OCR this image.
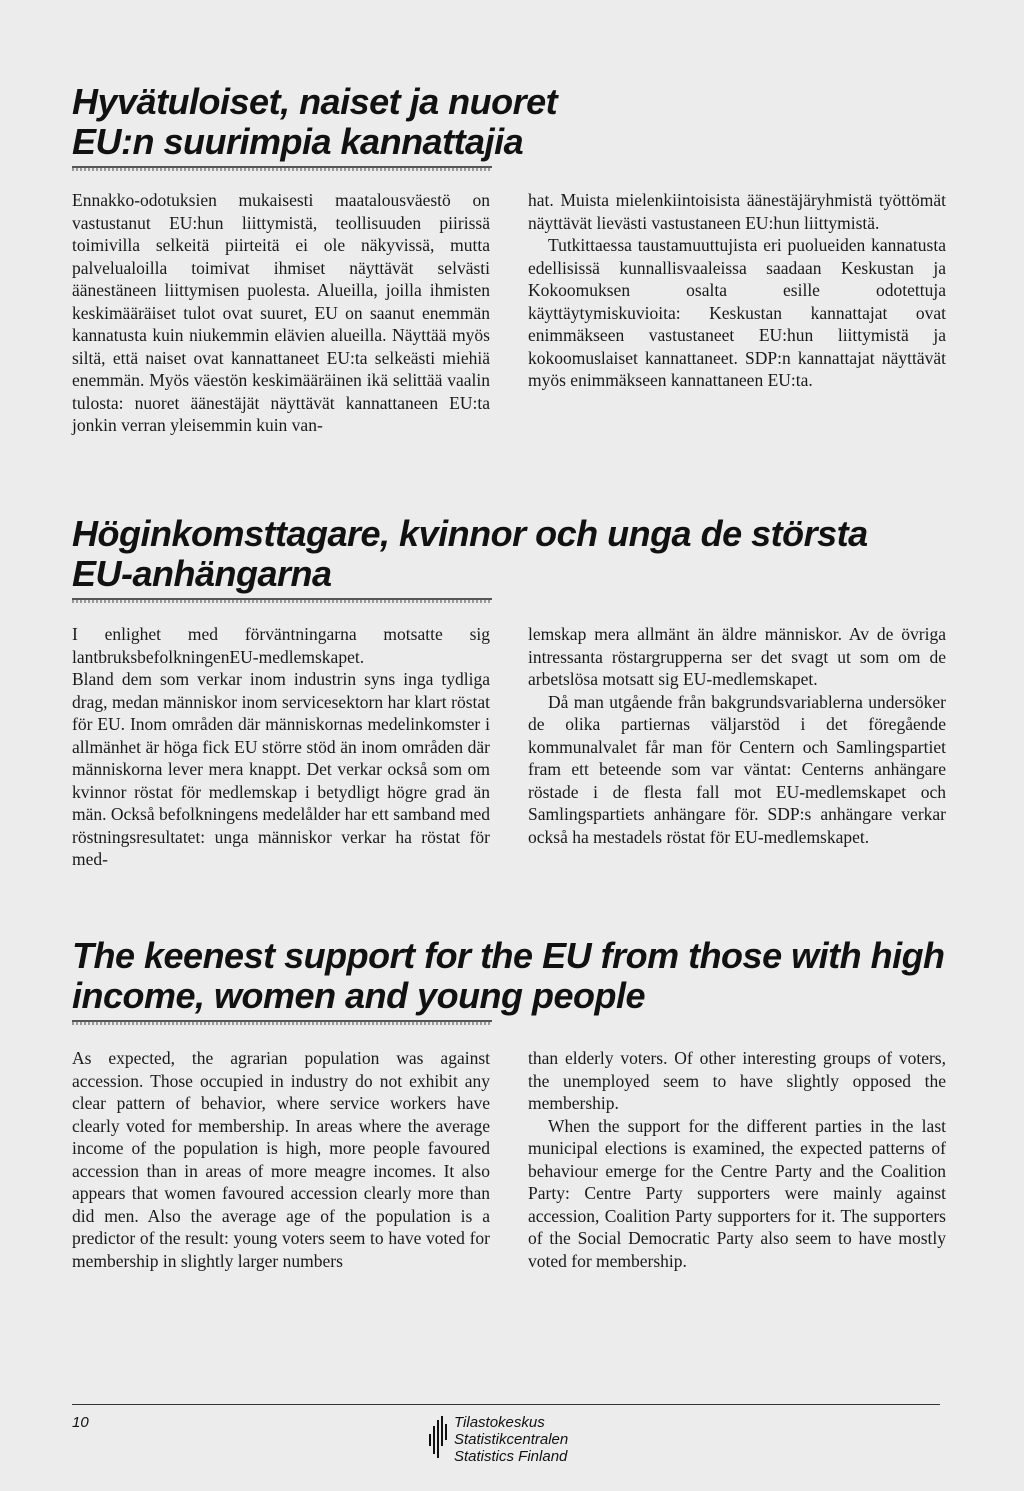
Hyvätuloiset, naiset ja nuoret
EU:n suurimpia kannattajia

Ennakko-odotuksien mukaisesti maatalousväestö on vastustanut EU:hun liittymistä, teollisuuden piirissä toimivilla selkeitä piirteitä ei ole näkyvissä, mutta palvelualoilla toimivat ihmiset näyttävät selvästi äänestäneen liittymisen puolesta. Alueilla, joilla ihmisten keskimääräiset tulot ovat suuret, EU on saanut enemmän kannatusta kuin niukemmin elävien alueilla. Näyttää myös siltä, että naiset ovat kannattaneet EU:ta selkeästi miehiä enemmän. Myös väestön keskimääräinen ikä selittää vaalin tulosta: nuoret äänestäjät näyttävät kannattaneen EU:ta jonkin verran yleisemmin kuin van-

hat. Muista mielenkiintoisista äänestäjäryhmistä työttömät näyttävät lievästi vastustaneen EU:hun liittymistä.

Tutkittaessa taustamuuttujista eri puolueiden kannatusta edellisissä kunnallisvaaleissa saadaan Keskustan ja Kokoomuksen osalta esille odotettuja käyttäytymiskuvioita: Keskustan kannattajat ovat enimmäkseen vastustaneet EU:hun liittymistä ja kokoomuslaiset kannattaneet. SDP:n kannattajat näyttävät myös enimmäkseen kannattaneen EU:ta.

Höginkomsttagare, kvinnor och unga de största
EU-anhängarna

I enlighet med förväntningarna motsatte sig lantbruksbefolkningenEU-medlemskapet.

Bland dem som verkar inom industrin syns inga tydliga drag, medan människor inom servicesektorn har klart röstat för EU. Inom områden där människornas medelinkomster i allmänhet är höga fick EU större stöd än inom områden där människorna lever mera knappt. Det verkar också som om kvinnor röstat för medlemskap i betydligt högre grad än män. Också befolkningens medelålder har ett samband med röstningsresultatet: unga människor verkar ha röstat för med-

lemskap mera allmänt än äldre människor. Av de övriga intressanta röstargrupperna ser det svagt ut som om de arbetslösa motsatt sig EU-medlemskapet.

Då man utgående från bakgrundsvariablerna undersöker de olika partiernas väljarstöd i det föregående kommunalvalet får man för Centern och Samlingspartiet fram ett beteende som var väntat: Centerns anhängare röstade i de flesta fall mot EU-medlemskapet och Samlingspartiets anhängare för. SDP:s anhängare verkar också ha mestadels röstat för EU-medlemskapet.

The keenest support for the EU from those with high
income, women and young people

As expected, the agrarian population was against accession. Those occupied in industry do not exhibit any clear pattern of behavior, where service workers have clearly voted for membership. In areas where the average income of the population is high, more people favoured accession than in areas of more meagre incomes. It also appears that women favoured accession clearly more than did men. Also the average age of the population is a predictor of the result: young voters seem to have voted for membership in slightly larger numbers

than elderly voters. Of other interesting groups of voters, the unemployed seem to have slightly opposed the membership.

When the support for the different parties in the last municipal elections is examined, the expected patterns of behaviour emerge for the Centre Party and the Coalition Party: Centre Party supporters were mainly against accession, Coalition Party supporters for it. The supporters of the Social Democratic Party also seem to have mostly voted for membership.

10	Tilastokeskus
Statistikcentralen
Statistics Finland
